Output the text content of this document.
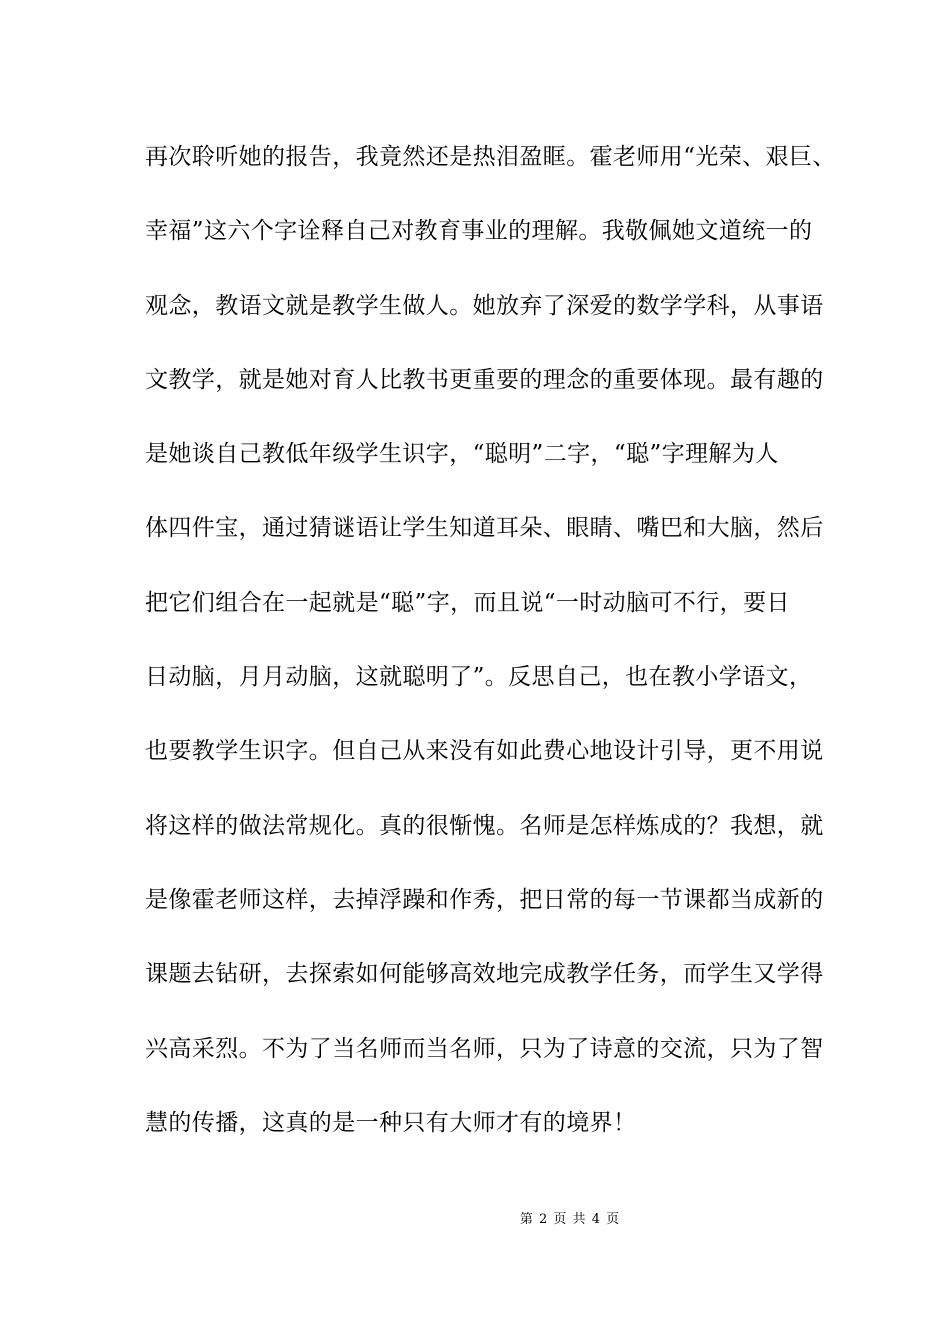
再次聆听她的报告，我竟然还是热泪盈眶。霍老师用“光荣、艰巨、
幸福”这六个字诠释自己对教育事业的理解。我敬佩她文道统一的
观念，教语文就是教学生做人。她放弃了深爱的数学学科，从事语
文教学，就是她对育人比教书更重要的理念的重要体现。最有趣的
是她谈自己教低年级学生识字，“聪明”二字，“聪”字理解为人
体四件宝，通过猜谜语让学生知道耳朵、眼睛、嘴巴和大脑，然后
把它们组合在一起就是“聪”字，而且说“一时动脑可不行，要日
日动脑，月月动脑，这就聪明了”。反思自己，也在教小学语文，
也要教学生识字。但自己从来没有如此费心地设计引导，更不用说
将这样的做法常规化。真的很惭愧。名师是怎样炼成的？我想，就
是像霍老师这样，去掉浮躁和作秀，把日常的每一节课都当成新的
课题去钻研，去探索如何能够高效地完成教学任务，而学生又学得
兴高采烈。不为了当名师而当名师，只为了诗意的交流，只为了智
慧的传播，这真的是一种只有大师才有的境界！
第 2 页 共 4 页
